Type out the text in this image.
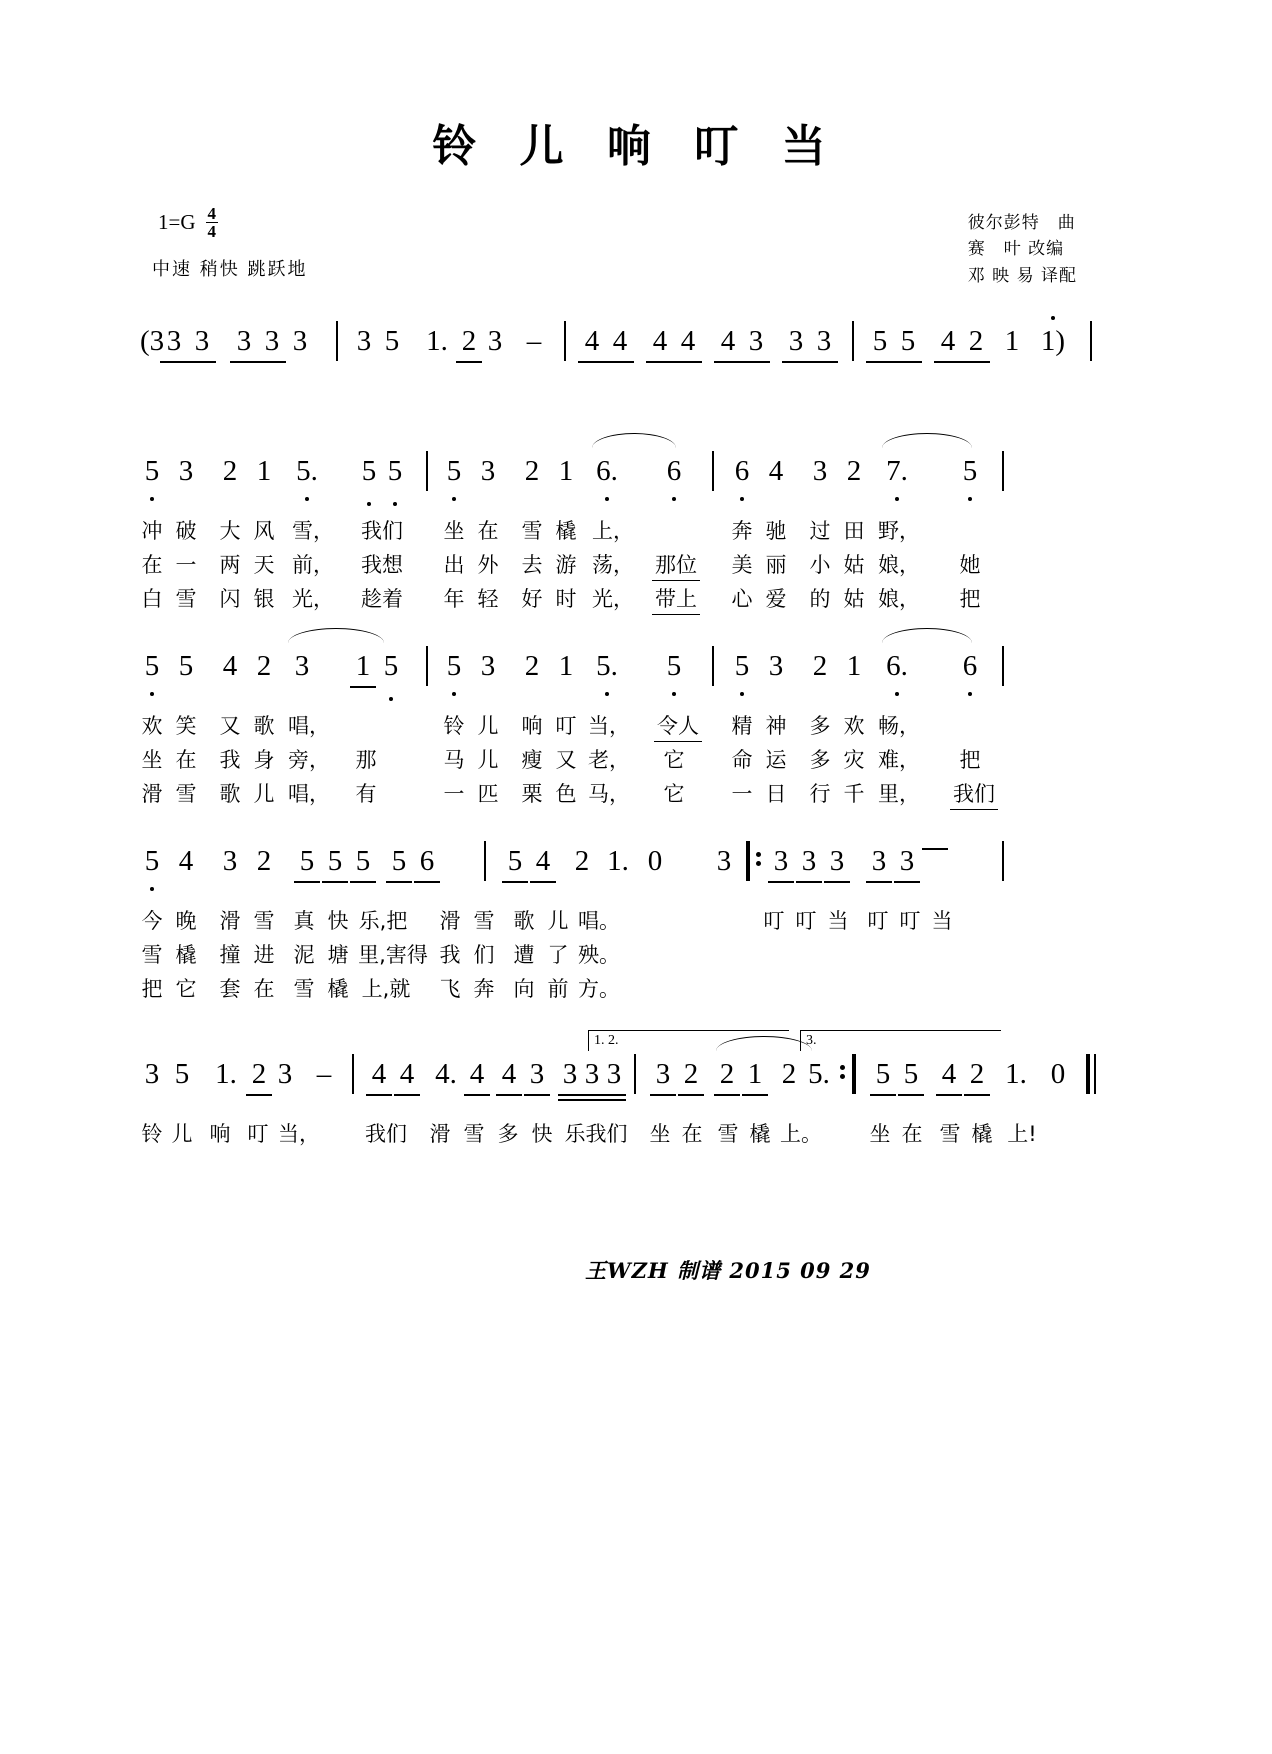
铃 儿 响 叮 当
$1=G \frac{4}{4}$
中速 稍快 跳跃地
彼尔彭特　曲
赛　叶 改编
邓 映 易 译配
(3 3 3 3 3 3 3 5 1. 2 3 – 4 4 4 4 4 3 3 3 5 5 4 2 1 1)
5 3 2 1 5. 5 5 5 3 2 1 6. 6 6 4 3 2 7. 5
冲 破 大 风 雪， 我们 坐 在 雪 橇 上，	奔 驰 过 田 野，
在 一 两 天 前， 我想 出 外 去 游 荡， 那位 美 丽 小 姑 娘， 她
白 雪 闪 银 光， 趁着 年 轻 好 时 光， 带上 心 爱 的 姑 娘， 把
5 5 4 2 3 1 5 5 3 2 1 5. 5 5 3 2 1 6. 6
欢 笑 又 歌 唱，	铃 儿 响 叮 当， 令人 精 神 多 欢 畅，
坐 在 我 身 旁， 那	马 儿 瘦 又 老， 它 命 运 多 灾 难， 把
滑 雪 歌 儿 唱， 有	一 匹 栗 色 马， 它 一 日 行 千 里， 我们
5 4 3 2 5 5 5 5 6	5 4 2 1. 0 3 3 3 3 3 3
今 晚 滑 雪 真 快 乐,把 滑 雪 歌 儿 唱。	叮 叮 当 叮 叮 当
雪 橇 撞 进 泥 塘 里,害得 我 们 遭 了 殃。
把 它 套 在 雪 橇 上,就 飞 奔 向 前 方。
1. 2.	3.
3 5 1. 2 3 – 4 4 4. 4 4 3 3 3 3 3 2 2 1 2 5. 5 5 4 2 1. 0
铃 儿 响 叮 当， 我们 滑 雪 多 快 乐我们 坐 在 雪 橇 上。 坐 在 雪 橇 上!
王WZH 制谱 2015 09 29
